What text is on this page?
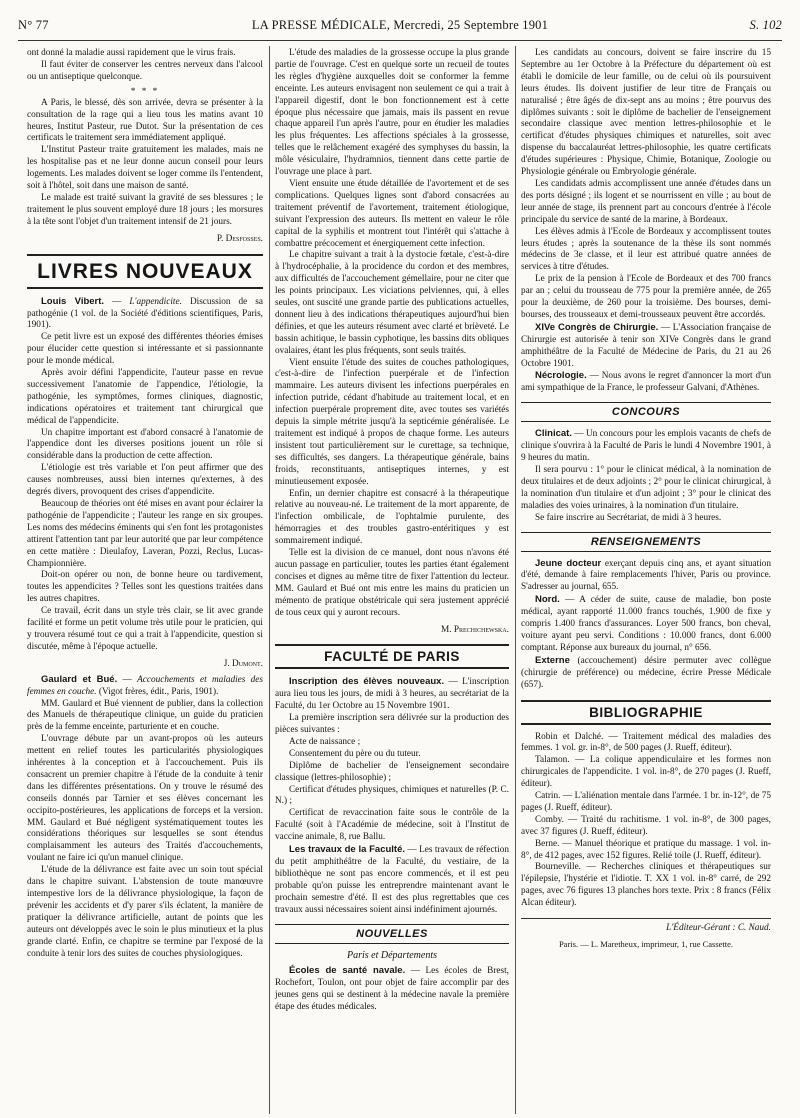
N° 77	LA PRESSE MÉDICALE, Mercredi, 25 Septembre 1901	S. 102

ont donné la maladie aussi rapidement que le virus frais.

Il faut éviter de conserver les centres nerveux dans l'alcool ou un antiseptique quelconque.

* * *

A Paris, le blessé, dès son arrivée, devra se présenter à la consultation de la rage qui a lieu tous les matins avant 10 heures, Institut Pasteur, rue Dutot. Sur la présentation de ces certificats le traitement sera immédiatement appliqué.

L'Institut Pasteur traite gratuitement les malades, mais ne les hospitalise pas et ne leur donne aucun conseil pour leurs logements. Les malades doivent se loger comme ils l'entendent, soit à l'hôtel, soit dans une maison de santé.

Le malade est traité suivant la gravité de ses blessures ; le traitement le plus souvent employé dure 18 jours ; les morsures à la tête sont l'objet d'un traitement intensif de 21 jours.

P. Desfosses.

LIVRES NOUVEAUX

Louis Vibert. — L'appendicite. Discussion de sa pathogénie (1 vol. de la Société d'éditions scientifiques, Paris, 1901).

Ce petit livre est un exposé des différentes théories émises pour élucider cette question si intéressante et si passionnante pour le monde médical.

Après avoir défini l'appendicite, l'auteur passe en revue successivement l'anatomie de l'appendice, l'étiologie, la pathogénie, les symptômes, formes cliniques, diagnostic, indications opératoires et traitement tant chirurgical que médical de l'appendicite.

Un chapitre important est d'abord consacré à l'anatomie de l'appendice dont les diverses positions jouent un rôle si considérable dans la production de cette affection.

L'étiologie est très variable et l'on peut affirmer que des causes nombreuses, aussi bien internes qu'externes, à des degrés divers, provoquent des crises d'appendicite.

Beaucoup de théories ont été mises en avant pour éclairer la pathogénie de l'appendicite ; l'auteur les range en six groupes. Les noms des médecins éminents qui s'en font les protagonistes attirent l'attention tant par leur autorité que par leur compétence en cette matière : Dieulafoy, Laveran, Pozzi, Reclus, Lucas-Championnière.

Doit-on opérer ou non, de bonne heure ou tardivement, toutes les appendicites ? Telles sont les questions traitées dans les autres chapitres.

Ce travail, écrit dans un style très clair, se lit avec grande facilité et forme un petit volume très utile pour le praticien, qui y trouvera résumé tout ce qui a trait à l'appendicite, question si discutée, même à l'époque actuelle.

J. Dumont.

Gaulard et Bué. — Accouchements et maladies des femmes en couche. (Vigot frères, édit., Paris, 1901).

MM. Gaulard et Bué viennent de publier, dans la collection des Manuels de thérapeutique clinique, un guide du praticien près de la femme enceinte, parturiente et en couche.

L'ouvrage débute par un avant-propos où les auteurs mettent en relief toutes les particularités physiologiques inhérentes à la conception et à l'accouchement. Puis ils consacrent un premier chapitre à l'étude de la conduite à tenir dans les différentes présentations. On y trouve le résumé des conseils donnés par Tarnier et ses élèves concernant les occipito-postérieures, les applications de forceps et la version. MM. Gaulard et Bué négligent systématiquement toutes les considérations théoriques sur lesquelles se sont étendus complaisamment les auteurs des Traités d'accouchements, voulant ne faire ici qu'un manuel clinique.

L'étude de la délivrance est faite avec un soin tout spécial dans le chapitre suivant. L'abstension de toute manœuvre intempestive lors de la délivrance physiologique, la façon de prévenir les accidents et d'y parer s'ils éclatent, la manière de pratiquer la délivrance artificielle, autant de points que les auteurs ont développés avec le soin le plus minutieux et la plus grande clarté. Enfin, ce chapitre se termine par l'exposé de la conduite à tenir lors des suites de couches physiologiques.

L'étude des maladies de la grossesse occupe la plus grande partie de l'ouvrage. C'est en quelque sorte un recueil de toutes les règles d'hygiène auxquelles doit se conformer la femme enceinte. Les auteurs envisagent non seulement ce qui a trait à l'appareil digestif, dont le bon fonctionnement est à cette époque plus nécessaire que jamais, mais ils passent en revue chaque appareil l'un après l'autre, pour en étudier les maladies les plus fréquentes. Les affections spéciales à la grossesse, telles que le relâchement exagéré des symphyses du bassin, la môle vésiculaire, l'hydramnios, tiennent dans cette partie de l'ouvrage une place à part.

Vient ensuite une étude détaillée de l'avortement et de ses complications. Quelques lignes sont d'abord consacrées au traitement préventif de l'avortement, traitement étiologique, suivant l'expression des auteurs. Ils mettent en valeur le rôle capital de la syphilis et montrent tout l'intérêt qui s'attache à combattre précocement et énergiquement cette infection.

Le chapitre suivant a trait à la dystocie fœtale, c'est-à-dire à l'hydrocéphalie, à la procidence du cordon et des membres, aux difficultés de l'accouchement gémellaire, pour ne citer que les points principaux. Les viciations pelviennes, qui, à elles seules, ont suscité une grande partie des publications actuelles, donnent lieu à des indications thérapeutiques aujourd'hui bien définies, et que les auteurs résument avec clarté et brièveté. Le bassin achitique, le bassin cyphotique, les bassins dits obliques ovalaires, étant les plus fréquents, sont seuls traités.

Vient ensuite l'étude des suites de couches pathologiques, c'est-à-dire de l'infection puerpérale et de l'infection mammaire. Les auteurs divisent les infections puerpérales en infection putride, cédant d'habitude au traitement local, et en infection puerpérale proprement dite, avec toutes ses variétés depuis la simple métrite jusqu'à la septicémie généralisée. Le traitement est indiqué à propos de chaque forme. Les auteurs insistent tout particulièrement sur le curettage, sa technique, ses difficultés, ses dangers. La thérapeutique générale, bains froids, reconstituants, antiseptiques internes, y est minutieusement exposée.

Enfin, un dernier chapitre est consacré à la thérapeutique relative au nouveau-né. Le traitement de la mort apparente, de l'infection ombilicale, de l'ophtalmie purulente, des hémorragies et des troubles gastro-entéritiques y est sommairement indiqué.

Telle est la division de ce manuel, dont nous n'avons été aucun passage en particulier, toutes les parties étant également concises et dignes au même titre de fixer l'attention du lecteur. MM. Gaulard et Bué ont mis entre les mains du praticien un mémento de pratique obstétricale qui sera justement apprécié de tous ceux qui y auront recours.

M. Prechichewska.

FACULTÉ DE PARIS

Inscription des élèves nouveaux. — L'inscription aura lieu tous les jours, de midi à 3 heures, au secrétariat de la Faculté, du 1er Octobre au 15 Novembre 1901.

La première inscription sera délivrée sur la production des pièces suivantes :

Acte de naissance ;

Consentement du père ou du tuteur.

Diplôme de bachelier de l'enseignement secondaire classique (lettres-philosophie) ;

Certificat d'études physiques, chimiques et naturelles (P. C. N.) ;

Certificat de revaccination faite sous le contrôle de la Faculté (soit à l'Académie de médecine, soit à l'Institut de vaccine animale, 8, rue Ballu.

Les travaux de la Faculté. — Les travaux de réfection du petit amphithéâtre de la Faculté, du vestiaire, de la bibliothèque ne sont pas encore commencés, et il est peu probable qu'on puisse les entreprendre maintenant avant le prochain semestre d'été. Il est des plus regrettables que ces travaux aussi nécessaires soient ainsi indéfiniment ajournés.

NOUVELLES
Paris et Départements

Écoles de santé navale. — Les écoles de Brest, Rochefort, Toulon, ont pour objet de faire accomplir par des jeunes gens qui se destinent à la médecine navale la première étape des études médicales.

Les candidats au concours, doivent se faire inscrire du 15 Septembre au 1er Octobre à la Préfecture du département où est établi le domicile de leur famille, ou de celui où ils poursuivent leurs études. Ils doivent justifier de leur titre de Français ou naturalisé ; être âgés de dix-sept ans au moins ; être pourvus des diplômes suivants : soit le diplôme de bachelier de l'enseignement secondaire classique avec mention lettres-philosophie et le certificat d'études physiques chimiques et naturelles, soit avec dispense du baccalauréat lettres-philosophie, les quatre certificats d'études supérieures : Physique, Chimie, Botanique, Zoologie ou Physiologie générale ou Embryologie générale.

Les candidats admis accomplissent une année d'études dans un des ports désigné ; ils logent et se nourrissent en ville ; au bout de leur année de stage, ils prennent part au concours d'entrée à l'école principale du service de santé de la marine, à Bordeaux.

Les élèves admis à l'Ecole de Bordeaux y accomplissent toutes leurs études ; après la soutenance de la thèse ils sont nommés médecins de 3e classe, et il leur est attribué quatre années de services à titre d'études.

Le prix de la pension à l'Ecole de Bordeaux et des 700 francs par an ; celui du trousseau de 775 pour la première année, de 265 pour la deuxième, de 260 pour la troisième. Des bourses, demi-bourses, des trousseaux et demi-trousseaux peuvent être accordés.

XIVe Congrès de Chirurgie. — L'Association française de Chirurgie est autorisée à tenir son XIVe Congrès dans le grand amphithéâtre de la Faculté de Médecine de Paris, du 21 au 26 Octobre 1901.

Nécrologie. — Nous avons le regret d'annoncer la mort d'un ami sympathique de la France, le professeur Galvani, d'Athènes.

CONCOURS

Clinicat. — Un concours pour les emplois vacants de chefs de clinique s'ouvrira à la Faculté de Paris le lundi 4 Novembre 1901, à 9 heures du matin.

Il sera pourvu : 1° pour le clinicat médical, à la nomination de deux titulaires et de deux adjoints ; 2° pour le clinicat chirurgical, à la nomination d'un titulaire et d'un adjoint ; 3° pour le clinicat des maladies des voies urinaires, à la nomination d'un titulaire.

Se faire inscrire au Secrétariat, de midi à 3 heures.

RENSEIGNEMENTS

Jeune docteur exerçant depuis cinq ans, et ayant situation d'été, demande à faire remplacements l'hiver, Paris ou province. S'adresser au journal, 655.

Nord. — A céder de suite, cause de maladie, bon poste médical, ayant rapporté 11.000 francs touchés, 1.900 de fixe y compris 1.400 francs d'assurances. Loyer 500 francs, bon cheval, voiture ayant peu servi. Conditions : 10.000 francs, dont 6.000 comptant. Réponse aux bureaux du journal, n° 656.

Externe (accouchement) désire permuter avec collègue (chirurgie de préférence) ou médecine, écrire Presse Médicale (657).

BIBLIOGRAPHIE

Robin et Dalché. — Traitement médical des maladies des femmes. 1 vol. gr. in-8°, de 500 pages (J. Rueff, éditeur).

Talamon. — La colique appendiculaire et les formes non chirurgicales de l'appendicite. 1 vol. in-8°, de 270 pages (J. Rueff, éditeur).

Catrin. — L'aliénation mentale dans l'armée. 1 br. in-12°, de 75 pages (J. Rueff, éditeur).

Comby. — Traité du rachitisme. 1 vol. in-8°, de 300 pages, avec 37 figures (J. Rueff, éditeur).

Berne. — Manuel théorique et pratique du massage. 1 vol. in-8°, de 412 pages, avec 152 figures. Relié toile (J. Rueff, éditeur).

Bourneville. — Recherches cliniques et thérapeutiques sur l'épilepsie, l'hystérie et l'idiotie. T. XX 1 vol. in-8° carré, de 292 pages, avec 76 figures 13 planches hors texte. Prix : 8 francs (Félix Alcan éditeur).

L'Éditeur-Gérant : C. Naud.
Paris. — L. Maretheux, imprimeur, 1, rue Cassette.
